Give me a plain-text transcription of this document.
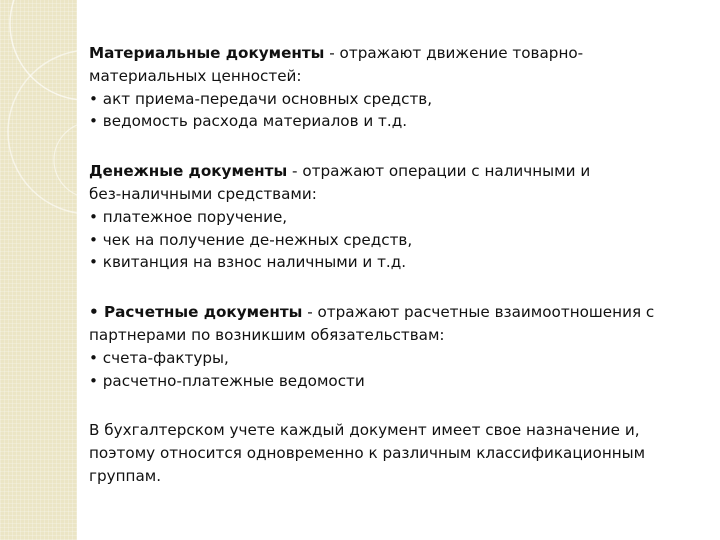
Материальные документы - отражают движение товарно-
материальных ценностей:
• акт приема-передачи основных средств,
• ведомость расхода материалов и т.д.
Денежные документы - отражают операции с наличными и
без-наличными средствами:
• платежное поручение,
• чек на получение де-нежных средств,
• квитанция на взнос наличными и т.д.
• Расчетные документы - отражают расчетные взаимоотношения с
партнерами по возникшим обязательствам:
• счета-фактуры,
• расчетно-платежные ведомости
В бухгалтерском учете каждый документ имеет свое назначение и,
поэтому относится одновременно к различным классификационным
группам.
